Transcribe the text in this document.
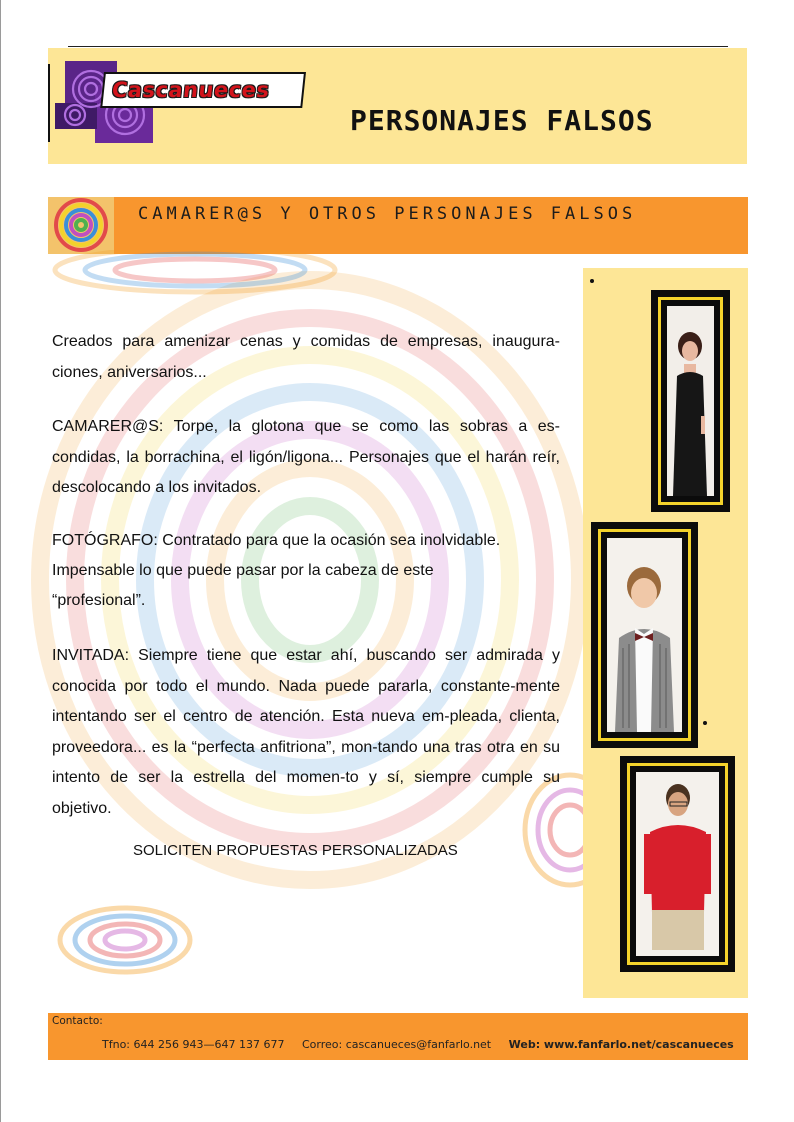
Cascanueces
PERSONAJES FALSOS
CAMARER@S Y OTROS PERSONAJES FALSOS
Creados para amenizar cenas y comidas de empresas, inaugura-ciones, aniversarios...
CAMARER@S: Torpe, la glotona que se como las sobras a es-condidas, la borrachina, el ligón/ligona... Personajes que el harán reír, descolocando a los invitados.
FOTÓGRAFO: Contratado para que la ocasión sea inolvidable.
Impensable lo que puede pasar por la cabeza de este
“profesional”.
INVITADA: Siempre tiene que estar ahí, buscando ser admirada y conocida por todo el mundo. Nada puede pararla, constante-mente intentando ser el centro de atención. Esta nueva em-pleada, clienta, proveedora... es la “perfecta anfitriona”, mon-tando una tras otra en su intento de ser la estrella del momen-to y sí, siempre cumple su objetivo.
SOLICITEN PROPUESTAS PERSONALIZADAS
Contacto:
Tfno: 644 256 943—647 137 677 Correo: cascanueces@fanfarlo.net Web: www.fanfarlo.net/cascanueces
